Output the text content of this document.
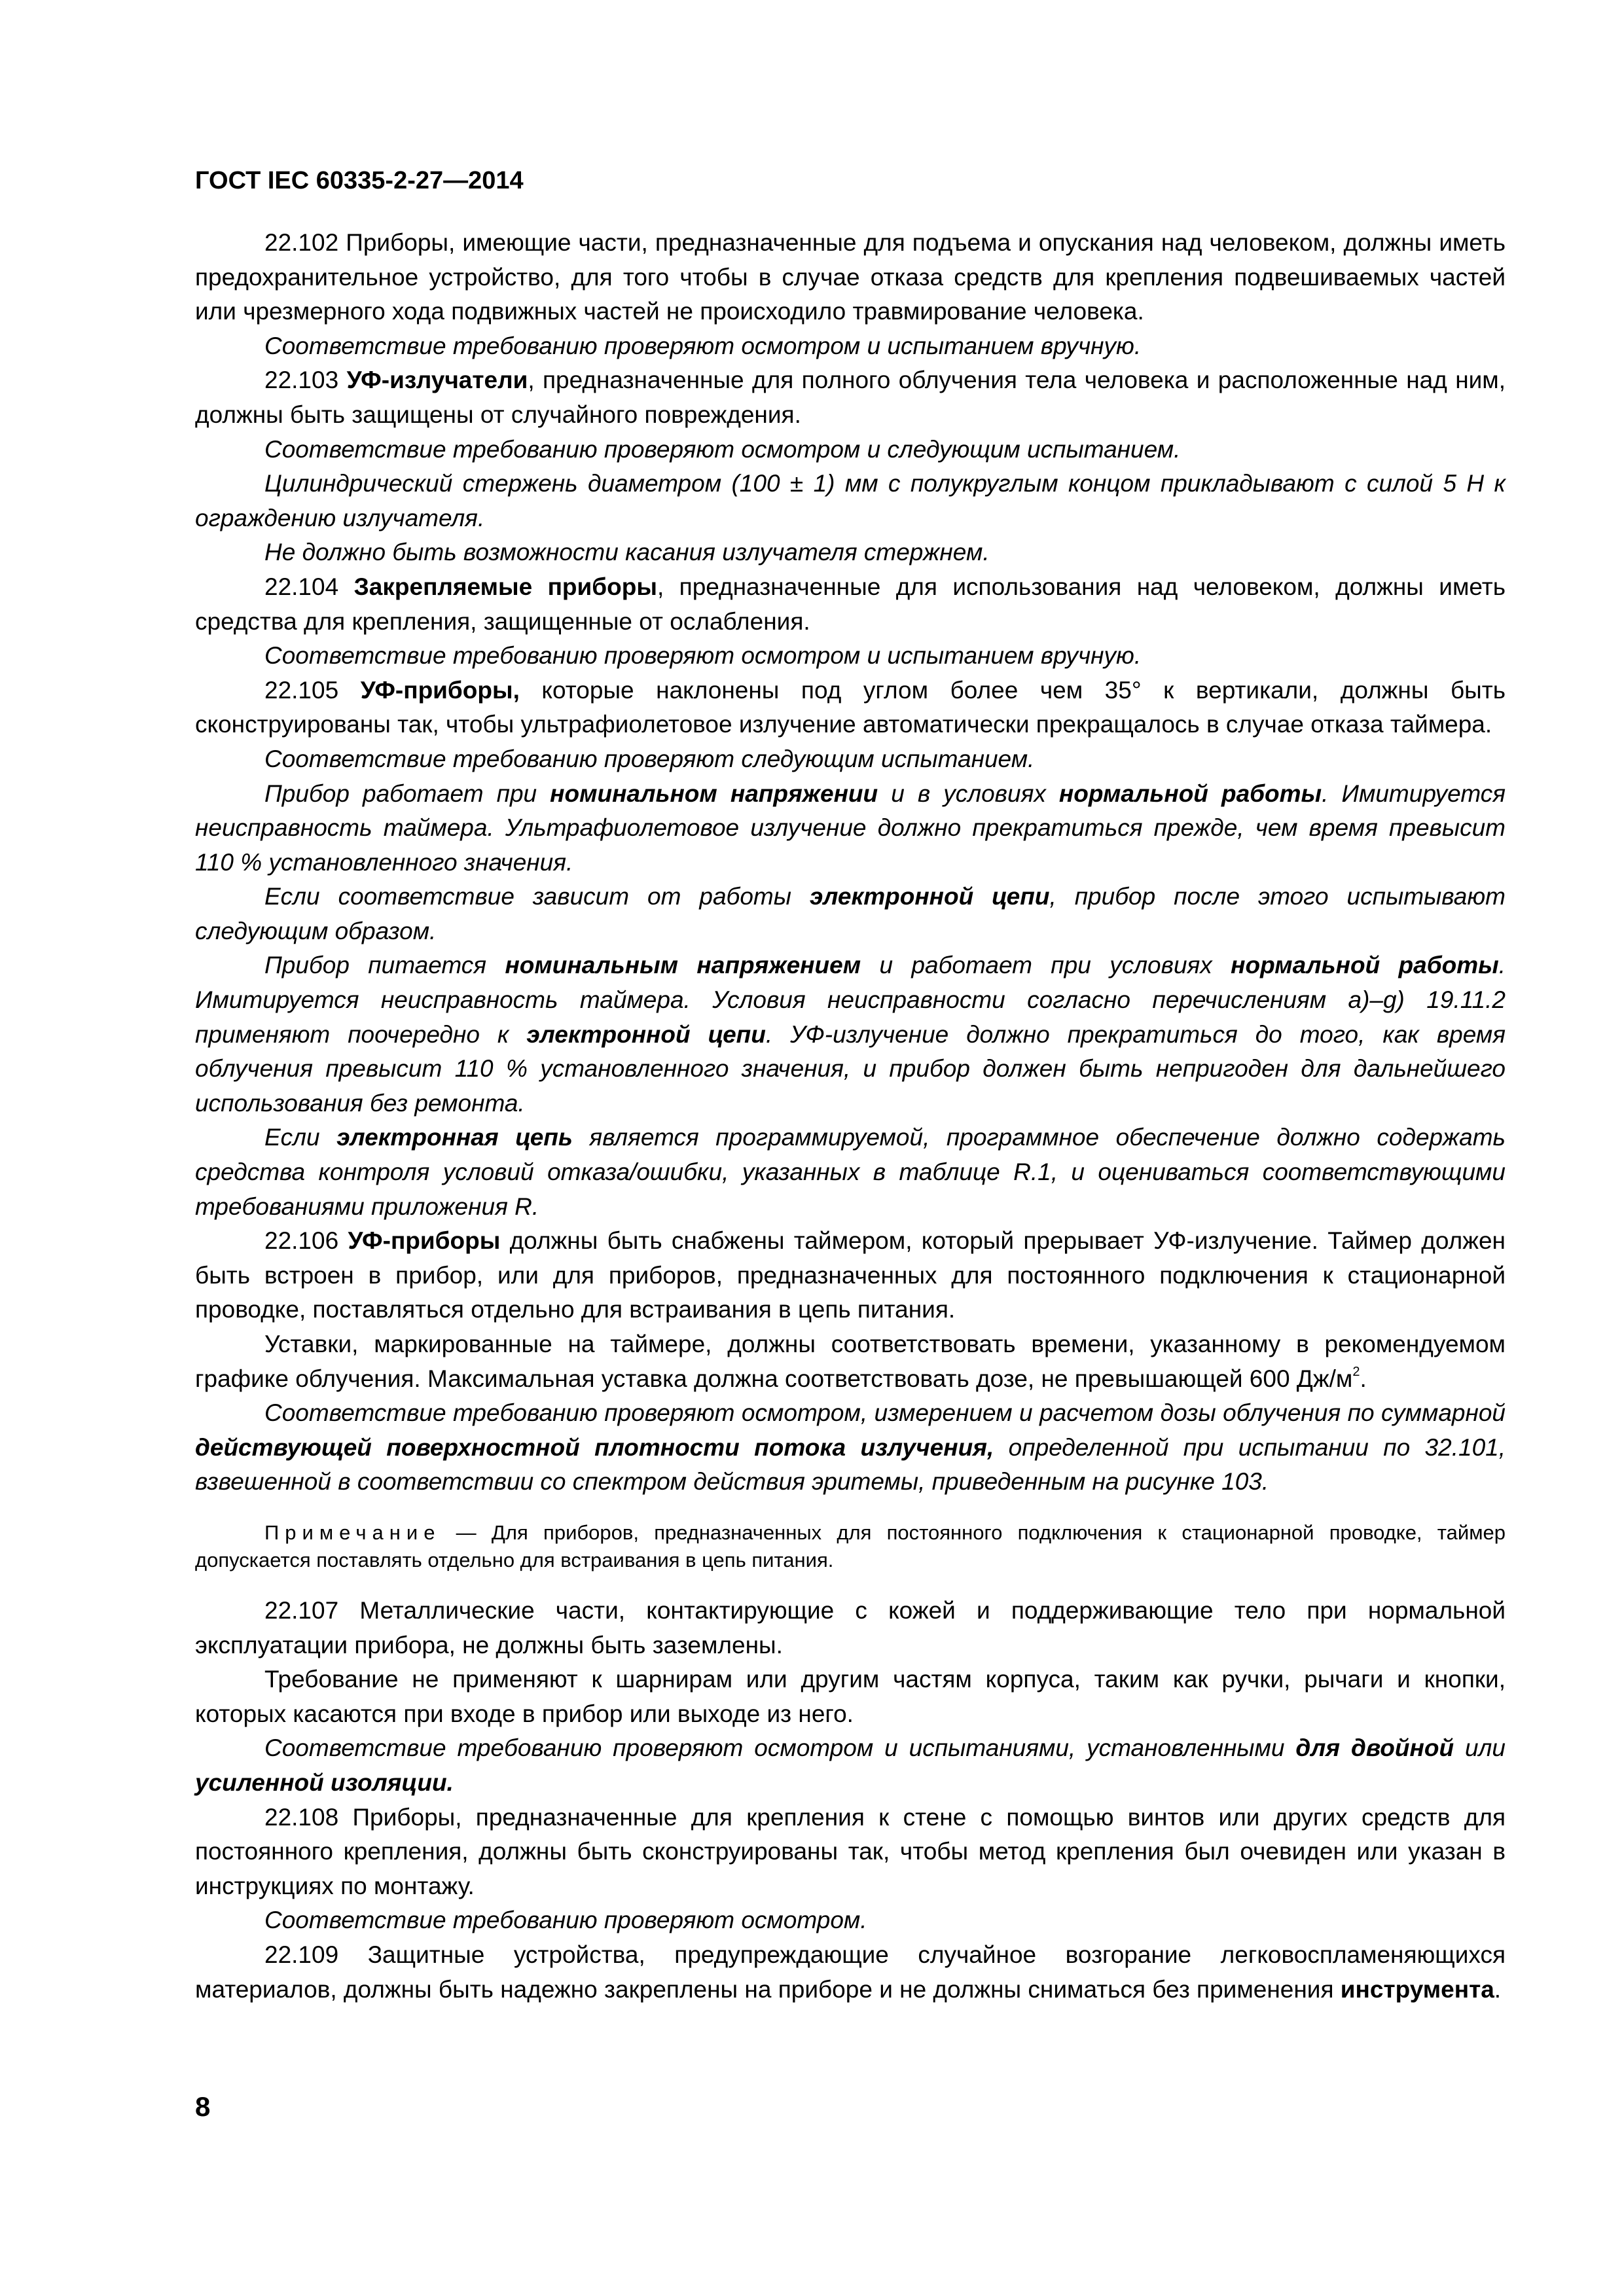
ГОСТ IEC 60335-2-27—2014

22.102 Приборы, имеющие части, предназначенные для подъема и опускания над человеком, должны иметь предохранительное устройство, для того чтобы в случае отказа средств для крепления подвешиваемых частей или чрезмерного хода подвижных частей не происходило травмирование человека.

Соответствие требованию проверяют осмотром и испытанием вручную.

22.103 УФ-излучатели, предназначенные для полного облучения тела человека и расположенные над ним, должны быть защищены от случайного повреждения.

Соответствие требованию проверяют осмотром и следующим испытанием.

Цилиндрический стержень диаметром (100 ± 1) мм с полукруглым концом прикладывают с силой 5 Н к ограждению излучателя.

Не должно быть возможности касания излучателя стержнем.

22.104 Закрепляемые приборы, предназначенные для использования над человеком, должны иметь средства для крепления, защищенные от ослабления.

Соответствие требованию проверяют осмотром и испытанием вручную.

22.105 УФ-приборы, которые наклонены под углом более чем 35° к вертикали, должны быть сконструированы так, чтобы ультрафиолетовое излучение автоматически прекращалось в случае отказа таймера.

Соответствие требованию проверяют следующим испытанием.

Прибор работает при номинальном напряжении и в условиях нормальной работы. Имитируется неисправность таймера. Ультрафиолетовое излучение должно прекратиться прежде, чем время превысит 110 % установленного значения.

Если соответствие зависит от работы электронной цепи, прибор после этого испытывают следующим образом.

Прибор питается номинальным напряжением и работает при условиях нормальной работы. Имитируется неисправность таймера. Условия неисправности согласно перечислениям a)–g) 19.11.2 применяют поочередно к электронной цепи. УФ-излучение должно прекратиться до того, как время облучения превысит 110 % установленного значения, и прибор должен быть непригоден для дальнейшего использования без ремонта.

Если электронная цепь является программируемой, программное обеспечение должно содержать средства контроля условий отказа/ошибки, указанных в таблице R.1, и оцениваться соответствующими требованиями приложения R.

22.106 УФ-приборы должны быть снабжены таймером, который прерывает УФ-излучение. Таймер должен быть встроен в прибор, или для приборов, предназначенных для постоянного подключения к стационарной проводке, поставляться отдельно для встраивания в цепь питания.

Уставки, маркированные на таймере, должны соответствовать времени, указанному в рекомендуемом графике облучения. Максимальная уставка должна соответствовать дозе, не превышающей 600 $Дж/м^2$.

Соответствие требованию проверяют осмотром, измерением и расчетом дозы облучения по суммарной действующей поверхностной плотности потока излучения, определенной при испытании по 32.101, взвешенной в соответствии со спектром действия эритемы, приведенным на рисунке 103.

Примечание — Для приборов, предназначенных для постоянного подключения к стационарной проводке, таймер допускается поставлять отдельно для встраивания в цепь питания.

22.107 Металлические части, контактирующие с кожей и поддерживающие тело при нормальной эксплуатации прибора, не должны быть заземлены.

Требование не применяют к шарнирам или другим частям корпуса, таким как ручки, рычаги и кнопки, которых касаются при входе в прибор или выходе из него.

Соответствие требованию проверяют осмотром и испытаниями, установленными для двойной или усиленной изоляции.

22.108 Приборы, предназначенные для крепления к стене с помощью винтов или других средств для постоянного крепления, должны быть сконструированы так, чтобы метод крепления был очевиден или указан в инструкциях по монтажу.

Соответствие требованию проверяют осмотром.

22.109 Защитные устройства, предупреждающие случайное возгорание легковоспламеняющихся материалов, должны быть надежно закреплены на приборе и не должны сниматься без применения инструмента.

8
